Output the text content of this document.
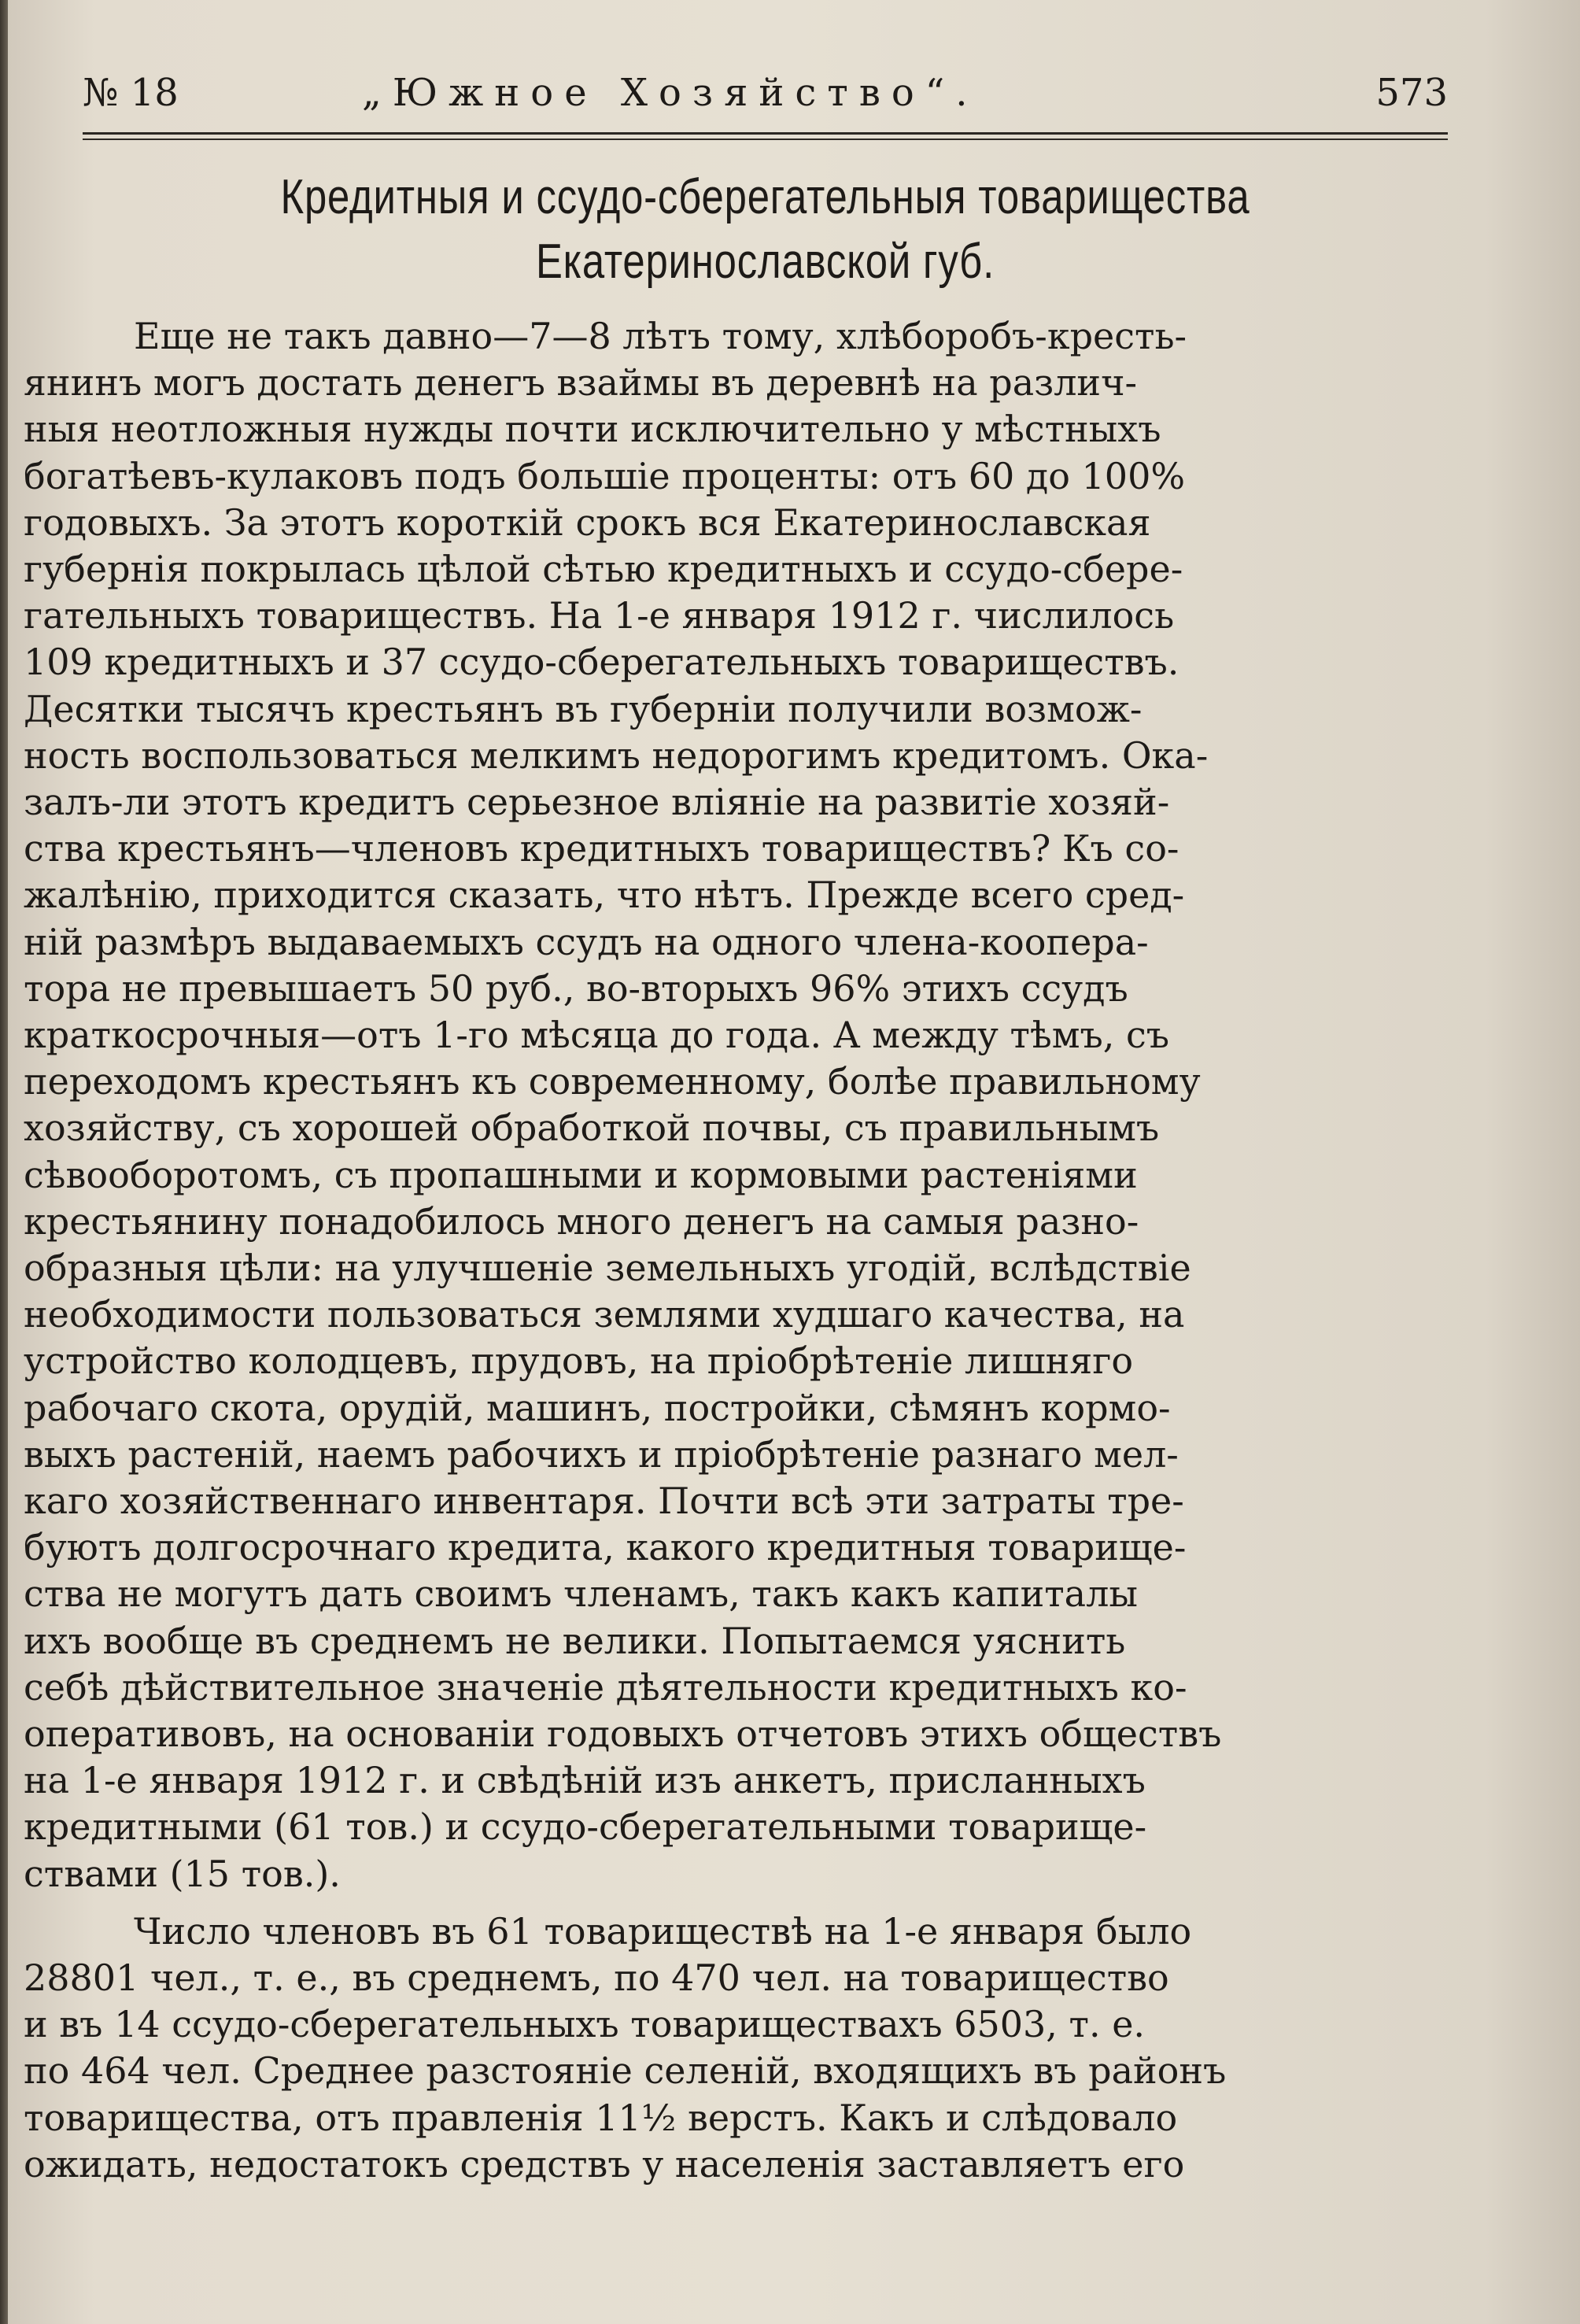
№ 18	„Южное Хозяйство“.	573
Кредитныя и ссудо-сберегательныя товарищества
Екатеринославской губ.
Еще не такъ давно—7—8 лѣтъ тому, хлѣборобъ-кресть-
янинъ могъ достать денегъ взаймы въ деревнѣ на различ-
ныя неотложныя нужды почти исключительно у мѣстныхъ
богатѣевъ-кулаковъ подъ большіе проценты: отъ 60 до 100%
годовыхъ. За этотъ короткій срокъ вся Екатеринославская
губернія покрылась цѣлой сѣтью кредитныхъ и ссудо-сбере-
гательныхъ товариществъ. На 1-е января 1912 г. числилось
109 кредитныхъ и 37 ссудо-сберегательныхъ товариществъ.
Десятки тысячъ крестьянъ въ губерніи получили возмож-
ность воспользоваться мелкимъ недорогимъ кредитомъ. Ока-
залъ-ли этотъ кредитъ серьезное вліяніе на развитіе хозяй-
ства крестьянъ—членовъ кредитныхъ товариществъ? Къ со-
жалѣнію, приходится сказать, что нѣтъ. Прежде всего сред-
ній размѣръ выдаваемыхъ ссудъ на одного члена-коопера-
тора не превышаетъ 50 руб., во-вторыхъ 96% этихъ ссудъ
краткосрочныя—отъ 1-го мѣсяца до года. А между тѣмъ, съ
переходомъ крестьянъ къ современному, болѣе правильному
хозяйству, съ хорошей обработкой почвы, съ правильнымъ
сѣвооборотомъ, съ пропашными и кормовыми растеніями
крестьянину понадобилось много денегъ на самыя разно-
образныя цѣли: на улучшеніе земельныхъ угодій, вслѣдствіе
необходимости пользоваться землями худшаго качества, на
устройство колодцевъ, прудовъ, на пріобрѣтеніе лишняго
рабочаго скота, орудій, машинъ, постройки, сѣмянъ кормо-
выхъ растеній, наемъ рабочихъ и пріобрѣтеніе разнаго мел-
каго хозяйственнаго инвентаря. Почти всѣ эти затраты тре-
буютъ долгосрочнаго кредита, какого кредитныя товарище-
ства не могутъ дать своимъ членамъ, такъ какъ капиталы
ихъ вообще въ среднемъ не велики. Попытаемся уяснить
себѣ дѣйствительное значеніе дѣятельности кредитныхъ ко-
оперативовъ, на основаніи годовыхъ отчетовъ этихъ обществъ
на 1-е января 1912 г. и свѣдѣній изъ анкетъ, присланныхъ
кредитными (61 тов.) и ссудо-сберегательными товарище-
ствами (15 тов.).
Число членовъ въ 61 товариществѣ на 1-е января было
28801 чел., т. е., въ среднемъ, по 470 чел. на товарищество
и въ 14 ссудо-сберегательныхъ товариществахъ 6503, т. е.
по 464 чел. Среднее разстояніе селеній, входящихъ въ районъ
товарищества, отъ правленія 11½ верстъ. Какъ и слѣдовало
ожидать, недостатокъ средствъ у населенія заставляетъ его
